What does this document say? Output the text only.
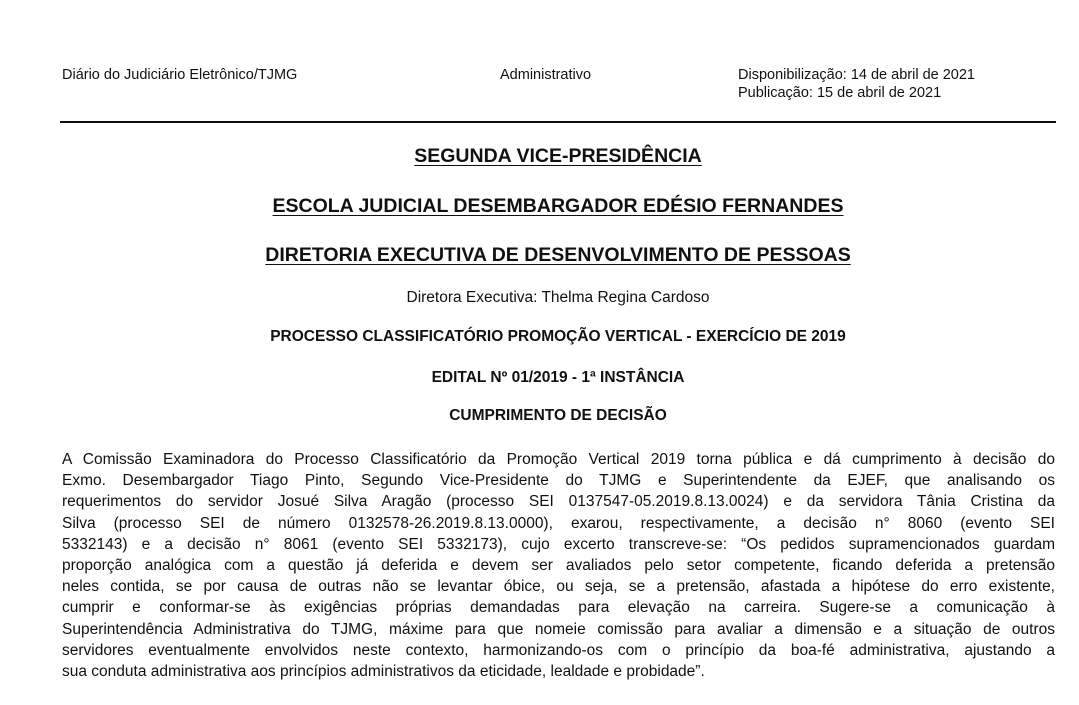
Diário do Judiciário Eletrônico/TJMG	Administrativo	Disponibilização: 14 de abril de 2021
Publicação: 15 de abril de 2021
SEGUNDA VICE-PRESIDÊNCIA
ESCOLA JUDICIAL DESEMBARGADOR EDÉSIO FERNANDES
DIRETORIA EXECUTIVA DE DESENVOLVIMENTO DE PESSOAS
Diretora Executiva: Thelma Regina Cardoso
PROCESSO CLASSIFICATÓRIO PROMOÇÃO VERTICAL - EXERCÍCIO DE 2019
EDITAL Nº 01/2019 - 1ª INSTÂNCIA
CUMPRIMENTO DE DECISÃO
A Comissão Examinadora do Processo Classificatório da Promoção Vertical 2019 torna pública e dá cumprimento à decisão do
Exmo. Desembargador Tiago Pinto, Segundo Vice-Presidente do TJMG e Superintendente da EJEF, que analisando os
requerimentos do servidor Josué Silva Aragão (processo SEI 0137547-05.2019.8.13.0024) e da servidora Tânia Cristina da
Silva (processo SEI de número 0132578-26.2019.8.13.0000), exarou, respectivamente, a decisão n° 8060 (evento SEI
5332143) e a decisão n° 8061 (evento SEI 5332173), cujo excerto transcreve-se: “Os pedidos supramencionados guardam
proporção analógica com a questão já deferida e devem ser avaliados pelo setor competente, ficando deferida a pretensão
neles contida, se por causa de outras não se levantar óbice, ou seja, se a pretensão, afastada a hipótese do erro existente,
cumprir e conformar-se às exigências próprias demandadas para elevação na carreira. Sugere-se a comunicação à
Superintendência Administrativa do TJMG, máxime para que nomeie comissão para avaliar a dimensão e a situação de outros
servidores eventualmente envolvidos neste contexto, harmonizando-os com o princípio da boa-fé administrativa, ajustando a
sua conduta administrativa aos princípios administrativos da eticidade, lealdade e probidade”.
